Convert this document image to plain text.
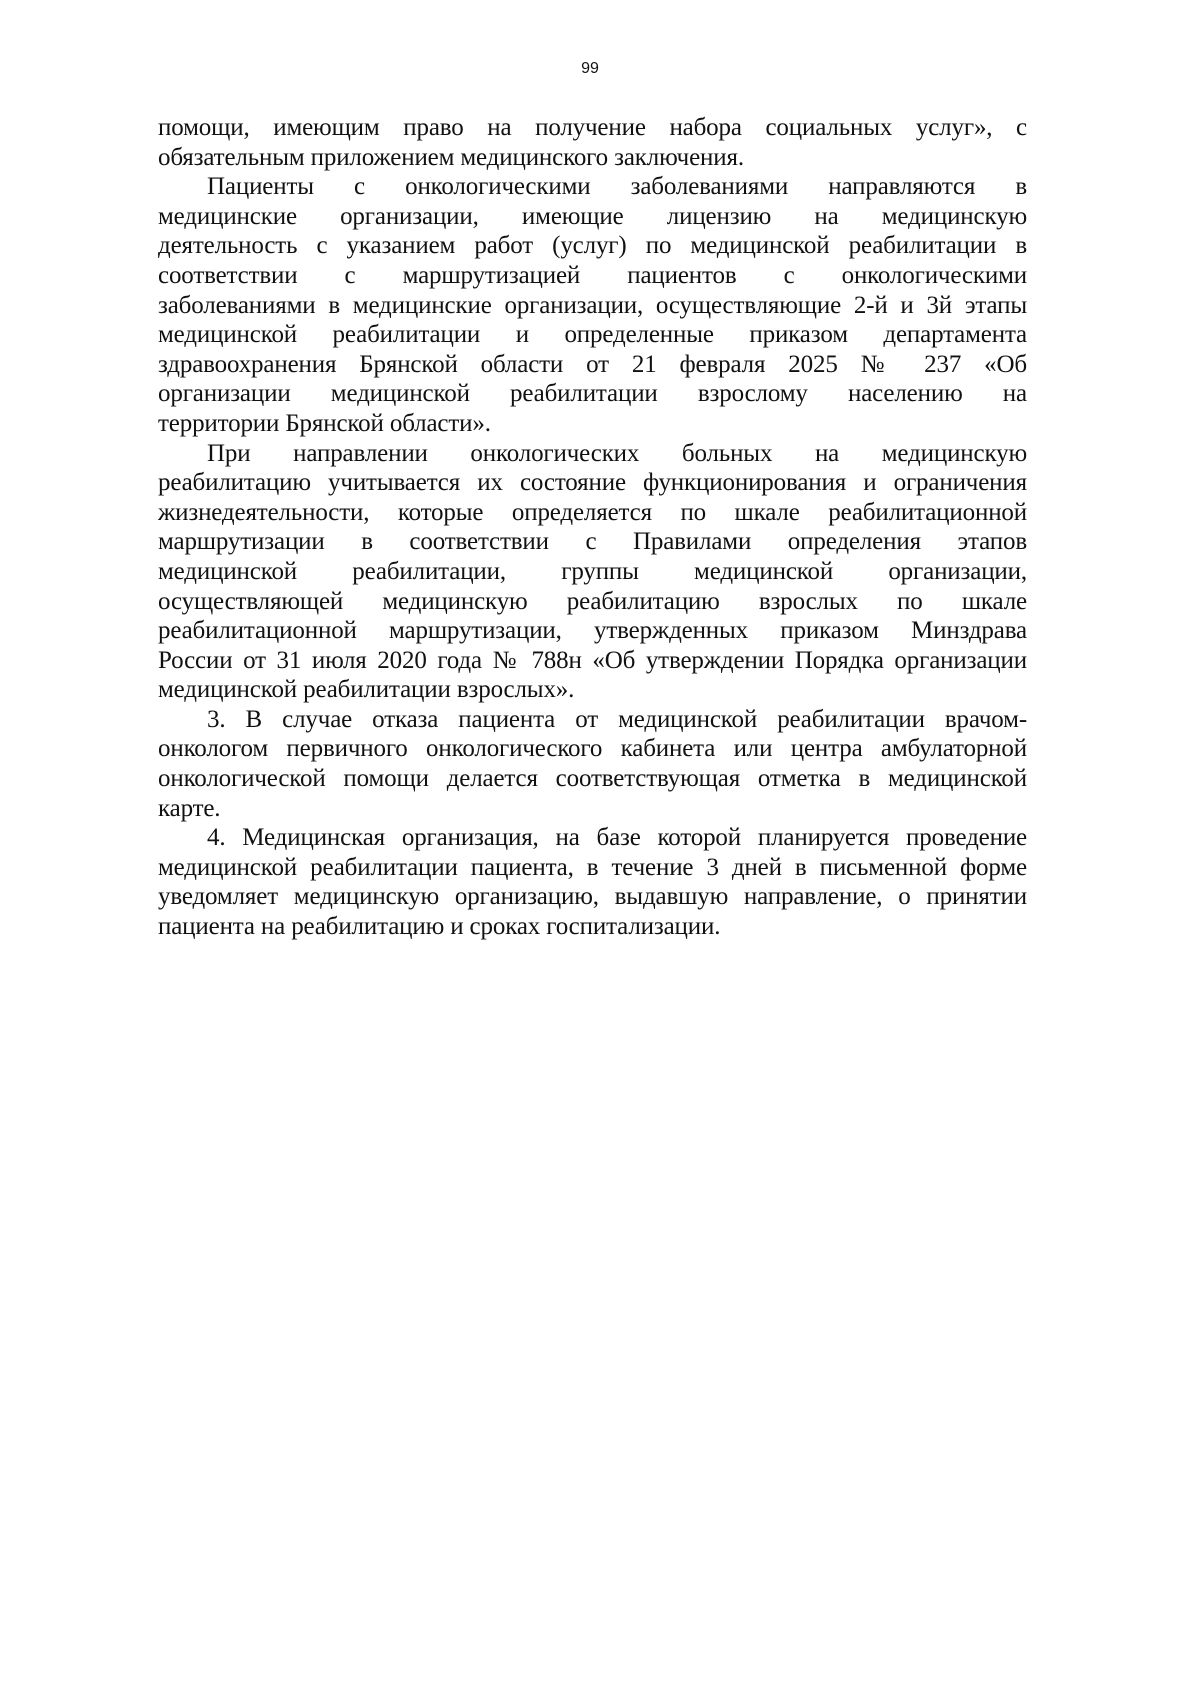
99
помощи, имеющим право на получение набора социальных услуг», с
обязательным приложением медицинского заключения.
Пациенты с онкологическими заболеваниями направляются в
медицинские организации, имеющие лицензию на медицинскую
деятельность с указанием работ (услуг) по медицинской реабилитации в
соответствии с маршрутизацией пациентов с онкологическими
заболеваниями в медицинские организации, осуществляющие 2-й и 3й этапы
медицинской реабилитации и определенные приказом департамента
здравоохранения Брянской области от 21 февраля 2025 № 237 «Об
организации медицинской реабилитации взрослому населению на
территории Брянской области».
При направлении онкологических больных на медицинскую
реабилитацию учитывается их состояние функционирования и ограничения
жизнедеятельности, которые определяется по шкале реабилитационной
маршрутизации в соответствии с Правилами определения этапов
медицинской реабилитации, группы медицинской организации,
осуществляющей медицинскую реабилитацию взрослых по шкале
реабилитационной маршрутизации, утвержденных приказом Минздрава
России от 31 июля 2020 года № 788н «Об утверждении Порядка организации
медицинской реабилитации взрослых».
3. В случае отказа пациента от медицинской реабилитации врачом-
онкологом первичного онкологического кабинета или центра амбулаторной
онкологической помощи делается соответствующая отметка в медицинской
карте.
4. Медицинская организация, на базе которой планируется проведение
медицинской реабилитации пациента, в течение 3 дней в письменной форме
уведомляет медицинскую организацию, выдавшую направление, о принятии
пациента на реабилитацию и сроках госпитализации.
